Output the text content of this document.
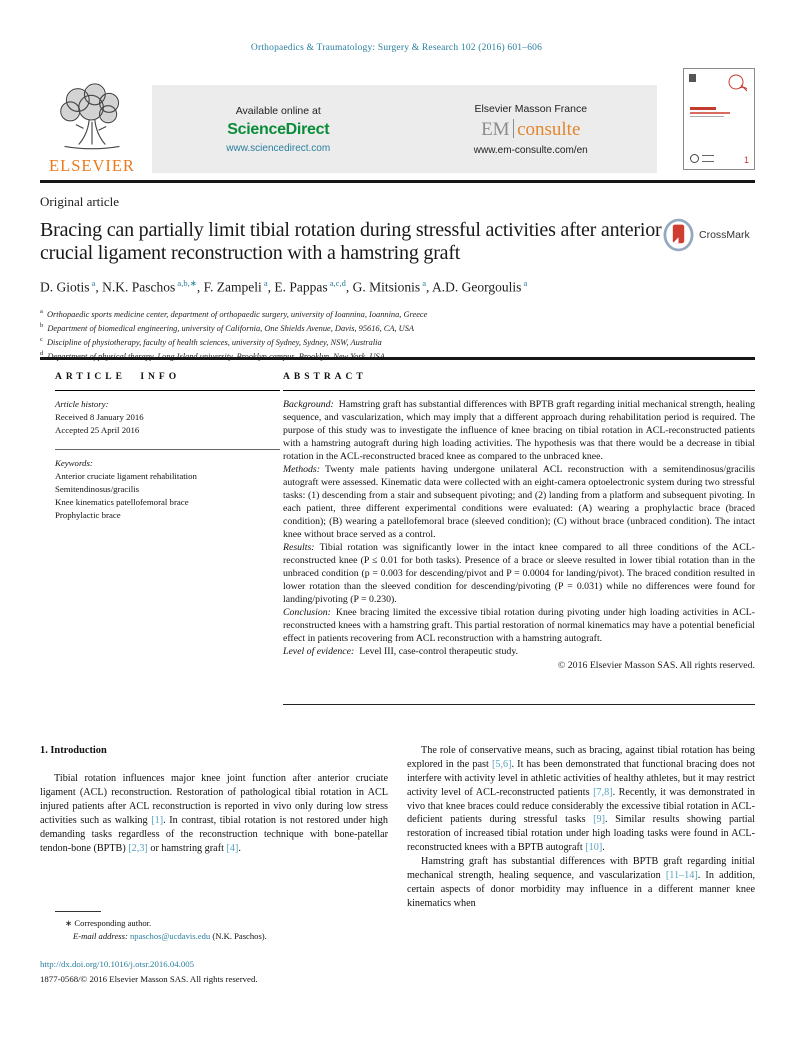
Orthopaedics & Traumatology: Surgery & Research 102 (2016) 601–606
ELSEVIER
Available online at
ScienceDirect
www.sciencedirect.com
Elsevier Masson France
EM consulte
www.em-consulte.com/en
1
Original article
Bracing can partially limit tibial rotation during stressful activities after anterior crucial ligament reconstruction with a hamstring graft
CrossMark
D. Giotis $^a$, N.K. Paschos $^{a,b,∗}$, F. Zampeli $^a$, E. Pappas $^{a,c,d}$, G. Mitsionis $^a$, A.D. Georgoulis $^a$
$^a$ Orthopaedic sports medicine center, department of orthopaedic surgery, university of Ioannina, Ioannina, Greece
$^b$ Department of biomedical engineering, university of California, One Shields Avenue, Davis, 95616, CA, USA
$^c$ Discipline of physiotherapy, faculty of health sciences, university of Sydney, Sydney, NSW, Australia
$^d$
ARTICLE INFO
Article history:
Received 8 January 2016
Accepted 25 April 2016
Keywords:
Anterior cruciate ligament rehabilitation
Semitendinosus/gracilis
Knee kinematics patellofemoral brace
Prophylactic brace
ABSTRACT
Background: Hamstring graft has substantial differences with BPTB graft regarding initial mechanical strength, healing sequence, and vascularization, which may imply that a different approach during rehabilitation period is required. The purpose of this study was to investigate the influence of knee bracing on tibial rotation in ACL-reconstructed patients with a hamstring autograft during high loading activities. The hypothesis was that there would be a decrease in tibial rotation in the ACL-reconstructed braced knee as compared to the unbraced knee.
Methods: Twenty male patients having undergone unilateral ACL reconstruction with a semitendinosus/gracilis autograft were assessed. Kinematic data were collected with an eight-camera optoelectronic system during two stressful tasks: (1) descending from a stair and subsequent pivoting; and (2) landing from a platform and subsequent pivoting. In each patient, three different experimental conditions were evaluated: (A) wearing a prophylactic brace (braced condition); (B) wearing a patellofemoral brace (sleeved condition); (C) without brace (unbraced condition). The intact knee without brace served as a control.
Results: Tibial rotation was significantly lower in the intact knee compared to all three conditions of the ACL-reconstructed knee (P ≤ 0.01 for both tasks). Presence of a brace or sleeve resulted in lower tibial rotation than in the unbraced condition (p = 0.003 for descending/pivot and P = 0.0004 for landing/pivot). The braced condition resulted in lower rotation than the sleeved condition for descending/pivoting (P = 0.031) while no differences were found for landing/pivoting (P = 0.230).
Conclusion: Knee bracing limited the excessive tibial rotation during pivoting under high loading activities in ACL-reconstructed knees with a hamstring graft. This partial restoration of normal kinematics may have a potential beneficial effect in patients recovering from ACL reconstruction with a hamstring autograft.
Level of evidence: Level III, case-control therapeutic study.
© 2016 Elsevier Masson SAS. All rights reserved.
1. Introduction

Tibial rotation influences major knee joint function after anterior cruciate ligament (ACL) reconstruction. Restoration of pathological tibial rotation in ACL injured patients after ACL reconstruction is reported in vivo only during low stress activities such as walking [1]. In contrast, tibial rotation is not restored under high demanding tasks regardless of the reconstruction technique with bone-patellar tendon-bone (BPTB) [2,3] or hamstring graft [4].

The role of conservative means, such as bracing, against tibial rotation has being explored in the past [5,6]. It has been demonstrated that functional bracing does not interfere with activity level in athletic activities of healthy athletes, but it may restrict activity level of ACL-reconstructed patients [7,8]. Recently, it was demonstrated in vivo that knee braces could reduce considerably the excessive tibial rotation in ACL-deficient patients during stressful tasks [9]. Similar results showing partial restoration of increased tibial rotation under high loading tasks were found in ACL-reconstructed knees with a BPTB autograft [10].

Hamstring graft has substantial differences with BPTB graft regarding initial mechanical strength, healing sequence, and vascularization [11–14]. In addition, certain aspects of donor morbidity may influence in a different manner knee kinematics when

∗ Corresponding author.
E-mail address: npaschos@ucdavis.edu (N.K. Paschos).
http://dx.doi.org/10.1016/j.otsr.2016.04.005
1877-0568/© 2016 Elsevier Masson SAS. All rights reserved.
